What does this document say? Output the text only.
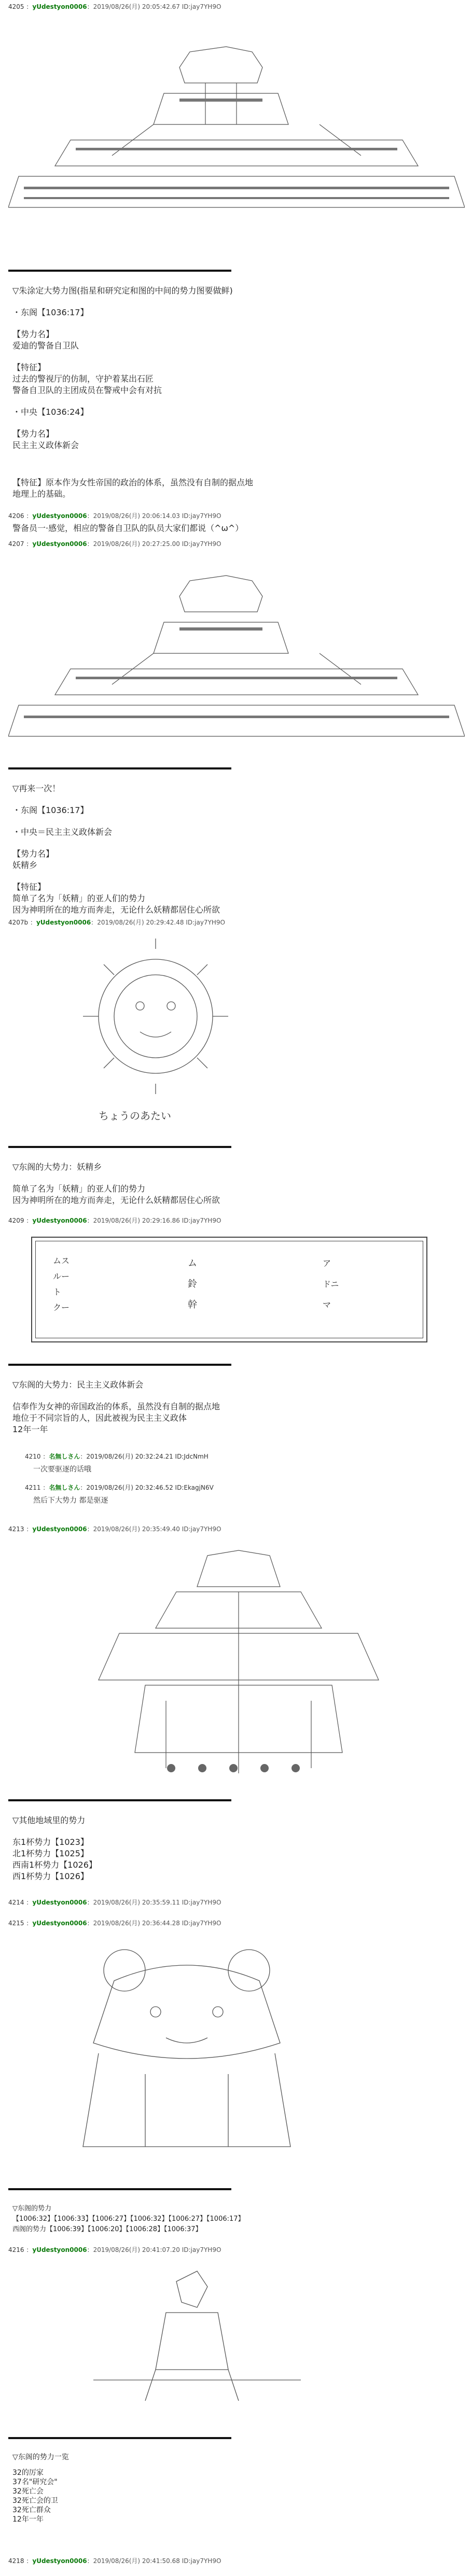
4205 ：yUdestyon0006：2019/08/26(月) 20:05:42.67 ID:jay7YH9O
▽朱涂定大势力图(指星和研究定和图的中间的势力图要做鲜)
・东阁【1036:17】
【势力名】
爱迪的警备自卫队
【特征】
过去的警视厅的仿制，守护着某出石匠
警备自卫队的主团成员在警戒中会有对抗
・中央【1036:24】
【势力名】
民主主义政体新会
【特征】原本作为女性帝国的政治的体系，虽然没有自制的据点地
地理上的基础。
4206 ：yUdestyon0006：2019/08/26(月) 20:06:14.03 ID:jay7YH9O
警备员一·感觉，相应的警备自卫队的队员大家们都说（^ω^）
4207 ：yUdestyon0006：2019/08/26(月) 20:27:25.00 ID:jay7YH9O
▽再来一次！
・东阁【1036:17】
・中央＝民主主义政体新会
【势力名】
妖精乡
【特征】
简单了名为「妖精」的亚人们的势力
因为神明所在的地方而奔走，无论什么妖精都居住心所欲
4207b ：yUdestyon0006：2019/08/26(月) 20:29:42.48 ID:jay7YH9O
ちょうのあたい
▽东阁的大势力：妖精乡
简单了名为「妖精」的亚人们的势力
因为神明所在的地方而奔走，无论什么妖精都居住心所欲
4209 ：yUdestyon0006：2019/08/26(月) 20:29:16.86 ID:jay7YH9O
ムス
ルー
ト
クー
ム
鈴
幹
ア
ドニ
マ
▽东阁的大势力：民主主义政体新会
信奉作为女神的帝国政治的体系，虽然没有自制的据点地
地位于不同宗旨的人，因此被视为民主主义政体
12年一年
4210 ：名無しさん：2019/08/26(月) 20:32:24.21 ID:JdcNmH
一次要驱逐的话哦
4211 ：名無しさん：2019/08/26(月) 20:32:46.52 ID:EkagjN6V
然后下大势力 都是驱逐
4213 ：yUdestyon0006：2019/08/26(月) 20:35:49.40 ID:jay7YH9O
▽其他地域里的势力
东1杯势力【1023】
北1杯势力【1025】
西南1杯势力【1026】
西1杯势力【1026】
4214 ：yUdestyon0006：2019/08/26(月) 20:35:59.11 ID:jay7YH9O
4215 ：yUdestyon0006：2019/08/26(月) 20:36:44.28 ID:jay7YH9O
▽东阁的势力
【1006:32】【1006:33】【1006:27】【1006:32】【1006:27】【1006:17】
西阁的势力【1006:39】【1006:20】【1006:28】【1006:37】
4216 ：yUdestyon0006：2019/08/26(月) 20:41:07.20 ID:jay7YH9O
▽东阁的势力一览
32的厉家
37名"研究会"
32死亡会
32死亡会的卫
32死亡群众
12年一年
4218 ：yUdestyon0006：2019/08/26(月) 20:41:50.68 ID:jay7YH9O
